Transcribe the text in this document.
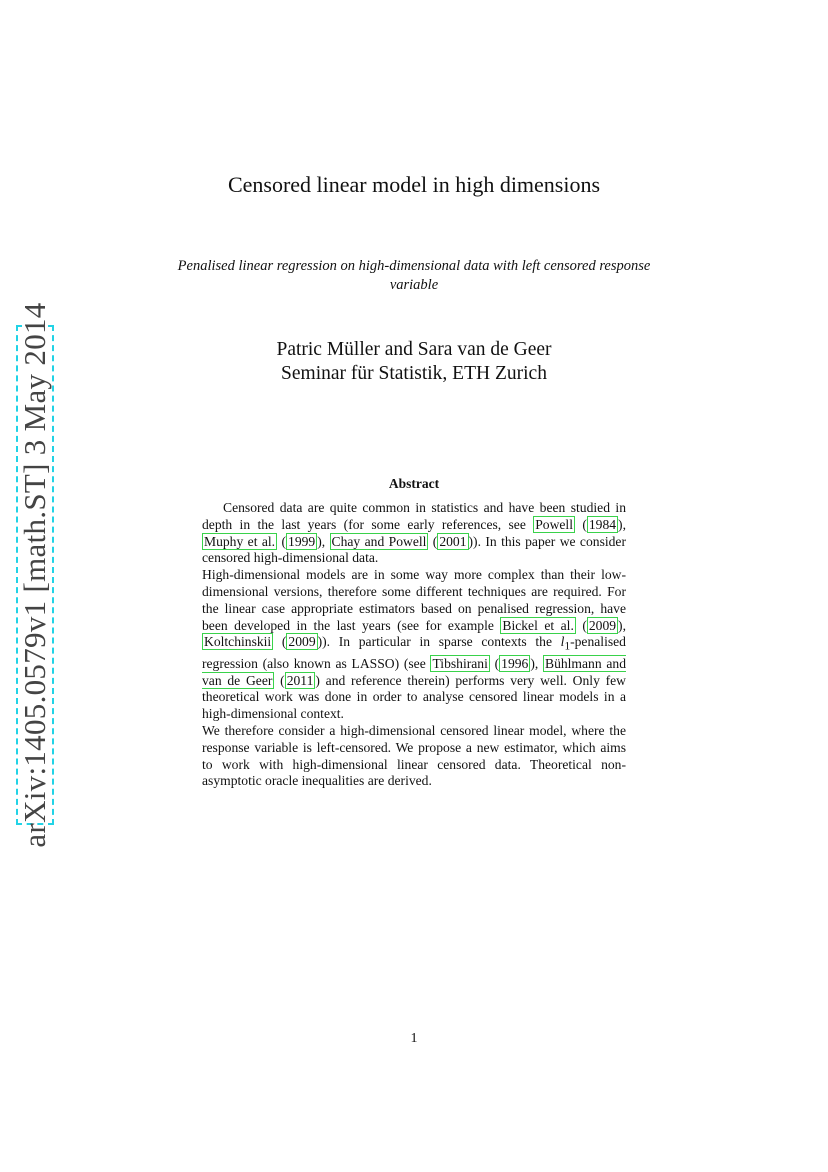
arXiv:1405.0579v1 [math.ST] 3 May 2014
Censored linear model in high dimensions

Penalised linear regression on high-dimensional data with left censored response variable

Patric Müller and Sara van de Geer
Seminar für Statistik, ETH Zurich
Abstract

Censored data are quite common in statistics and have been studied in depth in the last years (for some early references, see Powell ( 1984 ), Muphy et al. ( 1999 ), Chay and Powell ( 2001 )). In this paper we consider censored high-dimensional data.

High-dimensional models are in some way more complex than their low-dimensional versions, therefore some different techniques are required. For the linear case appropriate estimators based on penalised regression, have been developed in the last years (see for example Bickel et al. ( 2009 ), Koltchinskii ( 2009 )). In particular in sparse contexts the $l_1$-penalised regression (also known as LASSO) (see Tibshirani ( 1996 ), Bühlmann and van de Geer ( 2011 ) and reference therein) performs very well. Only few theoretical work was done in order to analyse censored linear models in a high-dimensional context.

We therefore consider a high-dimensional censored linear model, where the response variable is left-censored. We propose a new estimator, which aims to work with high-dimensional linear censored data. Theoretical non-asymptotic oracle inequalities are derived.

1
